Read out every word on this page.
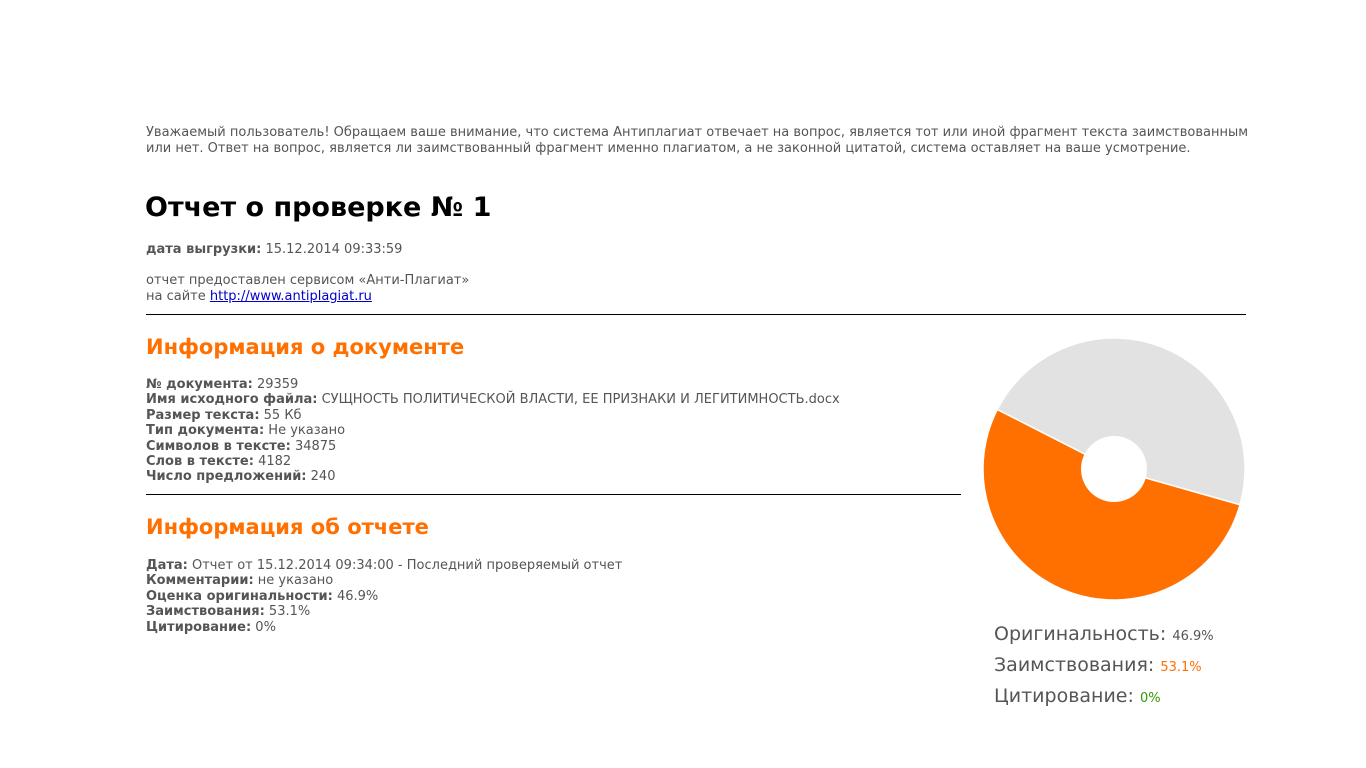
Уважаемый пользователь! Обращаем ваше внимание, что система Антиплагиат отвечает на вопрос, является тот или иной фрагмент текста заимствованным или нет. Ответ на вопрос, является ли заимствованный фрагмент именно плагиатом, а не законной цитатой, система оставляет на ваше усмотрение.
Отчет о проверке № 1
дата выгрузки: 15.12.2014 09:33:59
отчет предоставлен сервисом «Анти-Плагиат»
на сайте http://www.antiplagiat.ru
Информация о документе
№ документа: 29359
Имя исходного файла: СУЩНОСТЬ ПОЛИТИЧЕСКОЙ ВЛАСТИ, ЕЕ ПРИЗНАКИ И ЛЕГИТИМНОСТЬ.docx
Размер текста: 55 Кб
Тип документа: Не указано
Символов в тексте: 34875
Слов в тексте: 4182
Число предложений: 240
Информация об отчете
Дата: Отчет от 15.12.2014 09:34:00 - Последний проверяемый отчет
Комментарии: не указано
Оценка оригинальности: 46.9%
Заимствования: 53.1%
Цитирование: 0%	Оригинальность: 46.9%
Заимствования: 53.1%
Цитирование: 0%
